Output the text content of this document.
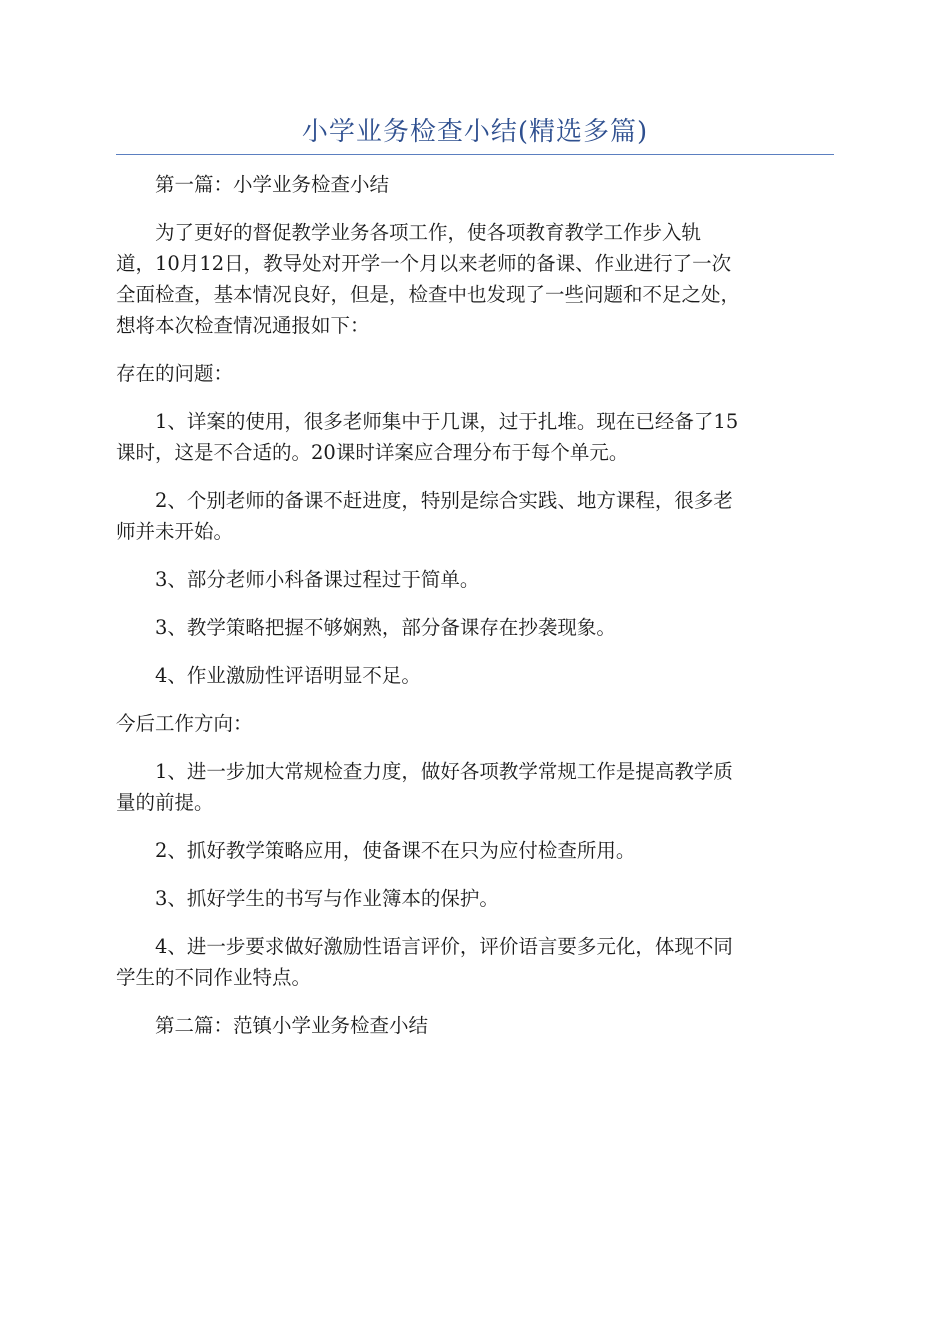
小学业务检查小结(精选多篇)

第一篇：小学业务检查小结

为了更好的督促教学业务各项工作，使各项教育教学工作步入轨
道，10月12日，教导处对开学一个月以来老师的备课、作业进行了一次
全面检查，基本情况良好，但是，检查中也发现了一些问题和不足之处，
想将本次检查情况通报如下：

存在的问题：

1、详案的使用，很多老师集中于几课，过于扎堆。现在已经备了15
课时，这是不合适的。20课时详案应合理分布于每个单元。

2、个别老师的备课不赶进度，特别是综合实践、地方课程，很多老
师并未开始。

3、部分老师小科备课过程过于简单。

3、教学策略把握不够娴熟，部分备课存在抄袭现象。

4、作业激励性评语明显不足。

今后工作方向：

1、进一步加大常规检查力度，做好各项教学常规工作是提高教学质
量的前提。

2、抓好教学策略应用，使备课不在只为应付检查所用。

3、抓好学生的书写与作业簿本的保护。

4、进一步要求做好激励性语言评价，评价语言要多元化，体现不同
学生的不同作业特点。

第二篇：范镇小学业务检查小结
